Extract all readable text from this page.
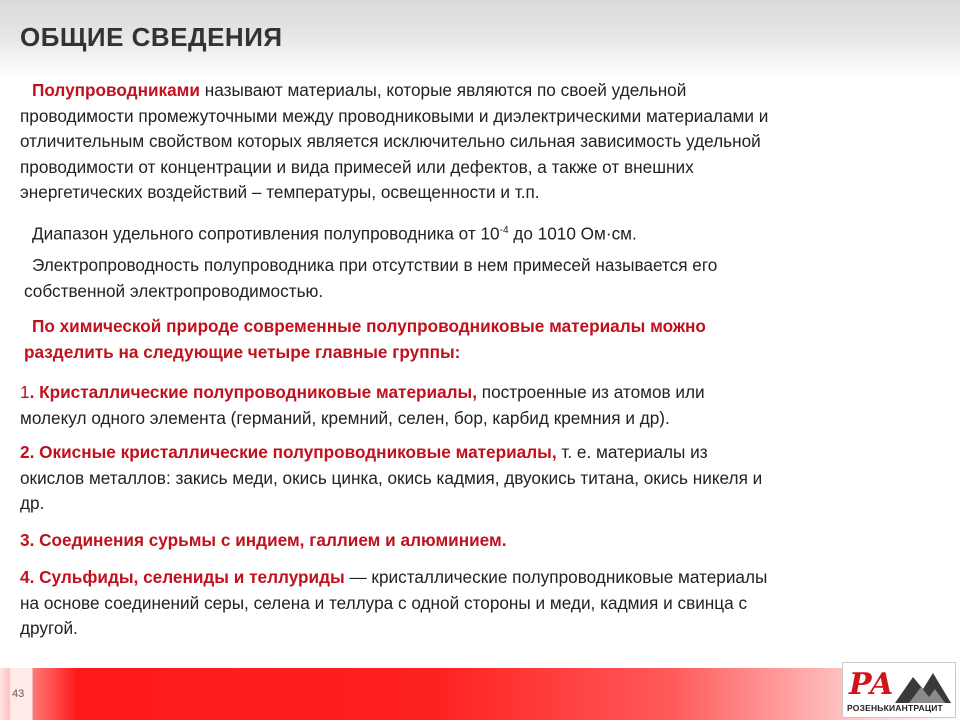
ОБЩИЕ СВЕДЕНИЯ
Полупроводниками называют материалы, которые являются по своей удельной
проводимости промежуточными между проводниковыми и диэлектрическими материалами и
отличительным свойством которых является исключительно сильная зависимость удельной
проводимости от концентрации и вида примесей или дефектов, а также от внешних
энергетических воздействий – температуры, освещенности и т.п.
Диапазон удельного сопротивления полупроводника от $10^{-4}$ до 1010 Ом·см.
Электропроводность полупроводника при отсутствии в нем примесей называется его
собственной электропроводимостью.
По химической природе современные полупроводниковые материалы можно
разделить на следующие четыре главные группы:
1. Кристаллические полупроводниковые материалы, построенные из атомов или
молекул одного элемента (германий, кремний, селен, бор, карбид кремния и др).
2. Окисные кристаллические полупроводниковые материалы, т. е. материалы из
окислов металлов: закись меди, окись цинка, окись кадмия, двуокись титана, окись никеля и
др.
3. Соединения сурьмы с индием, галлием и алюминием.
4. Сульфиды, селениды и теллуриды — кристаллические полупроводниковые материалы
на основе соединений серы, селена и теллура с одной стороны и меди, кадмия и свинца с
другой.
43	РА
РОЗЕНЬКИАНТРАЦИТ
